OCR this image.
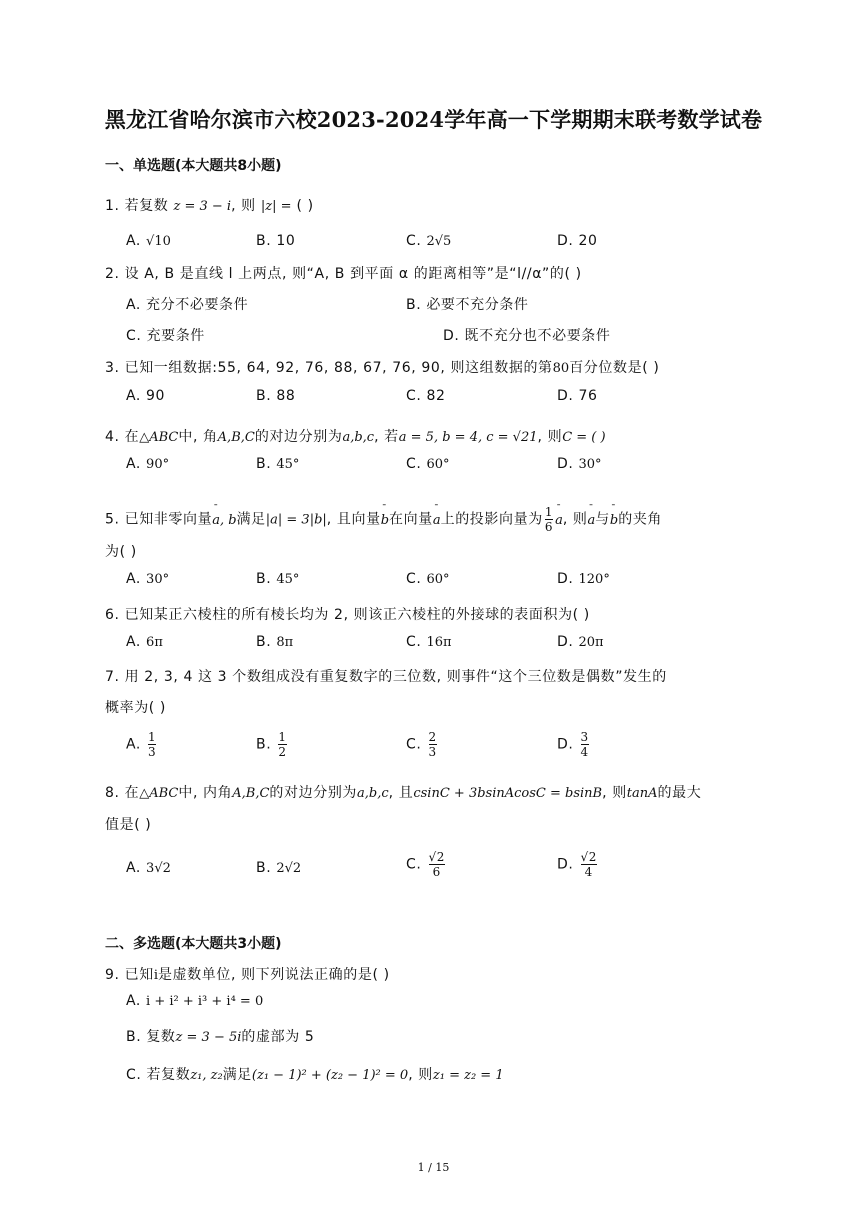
黑龙江省哈尔滨市六校2023-2024学年高一下学期期末联考数学试卷
一、单选题(本大题共8小题)
1. 若复数 z = 3 − i, 则 |z| = ( )
A. √10	B. 10	C. 2√5	D. 20
2. 设 A, B 是直线 l 上两点, 则“A, B 到平面 α 的距离相等”是“l//α”的( )
A. 充分不必要条件	B. 必要不充分条件
C. 充要条件	D. 既不充分也不必要条件
3. 已知一组数据:55, 64, 92, 76, 88, 67, 76, 90, 则这组数据的第80百分位数是( )
A. 90	B. 88	C. 82	D. 76
4. 在△ABC中, 角A,B,C的对边分别为a,b,c, 若a = 5, b = 4, c = √21, 则C = ( )
A. 90°	B. 45°	C. 60°	D. 30°
5. 已知非零向量¯ a, b满足|a| = 3|b|, 且向量¯ b在向量¯ a上的投影向量为 $\frac{1}{6}$
¯ a, 则¯ a与¯ b的夹角
为( )
A. 30°	B. 45°	C. 60°	D. 120°
6. 已知某正六棱柱的所有棱长均为 2, 则该正六棱柱的外接球的表面积为( )
A. 6π	B. 8π	C. 16π	D. 20π
7. 用 2, 3, 4 这 3 个数组成没有重复数字的三位数, 则事件“这个三位数是偶数”发生的
概率为( )
A. $\frac{1}{3}$	B. $\frac{1}{2}$	C. $\frac{2}{3}$	D. $\frac{3}{4}$
8. 在△ABC中, 内角A,B,C的对边分别为a,b,c, 且csinC + 3bsinAcosC = bsinB, 则tanA的最大
值是( )
A. 3√2	B. 2√2	C. $\frac{√2}{6}$	D. $\frac{√2}{4}$
二、多选题(本大题共3小题)
9. 已知i是虚数单位, 则下列说法正确的是( )
A. i + i² + i³ + i⁴ = 0
B. 复数z = 3 − 5i的虚部为 5
C. 若复数z₁, z₂满足(z₁ − 1)² + (z₂ − 1)² = 0, 则z₁ = z₂ = 1
1 / 15
